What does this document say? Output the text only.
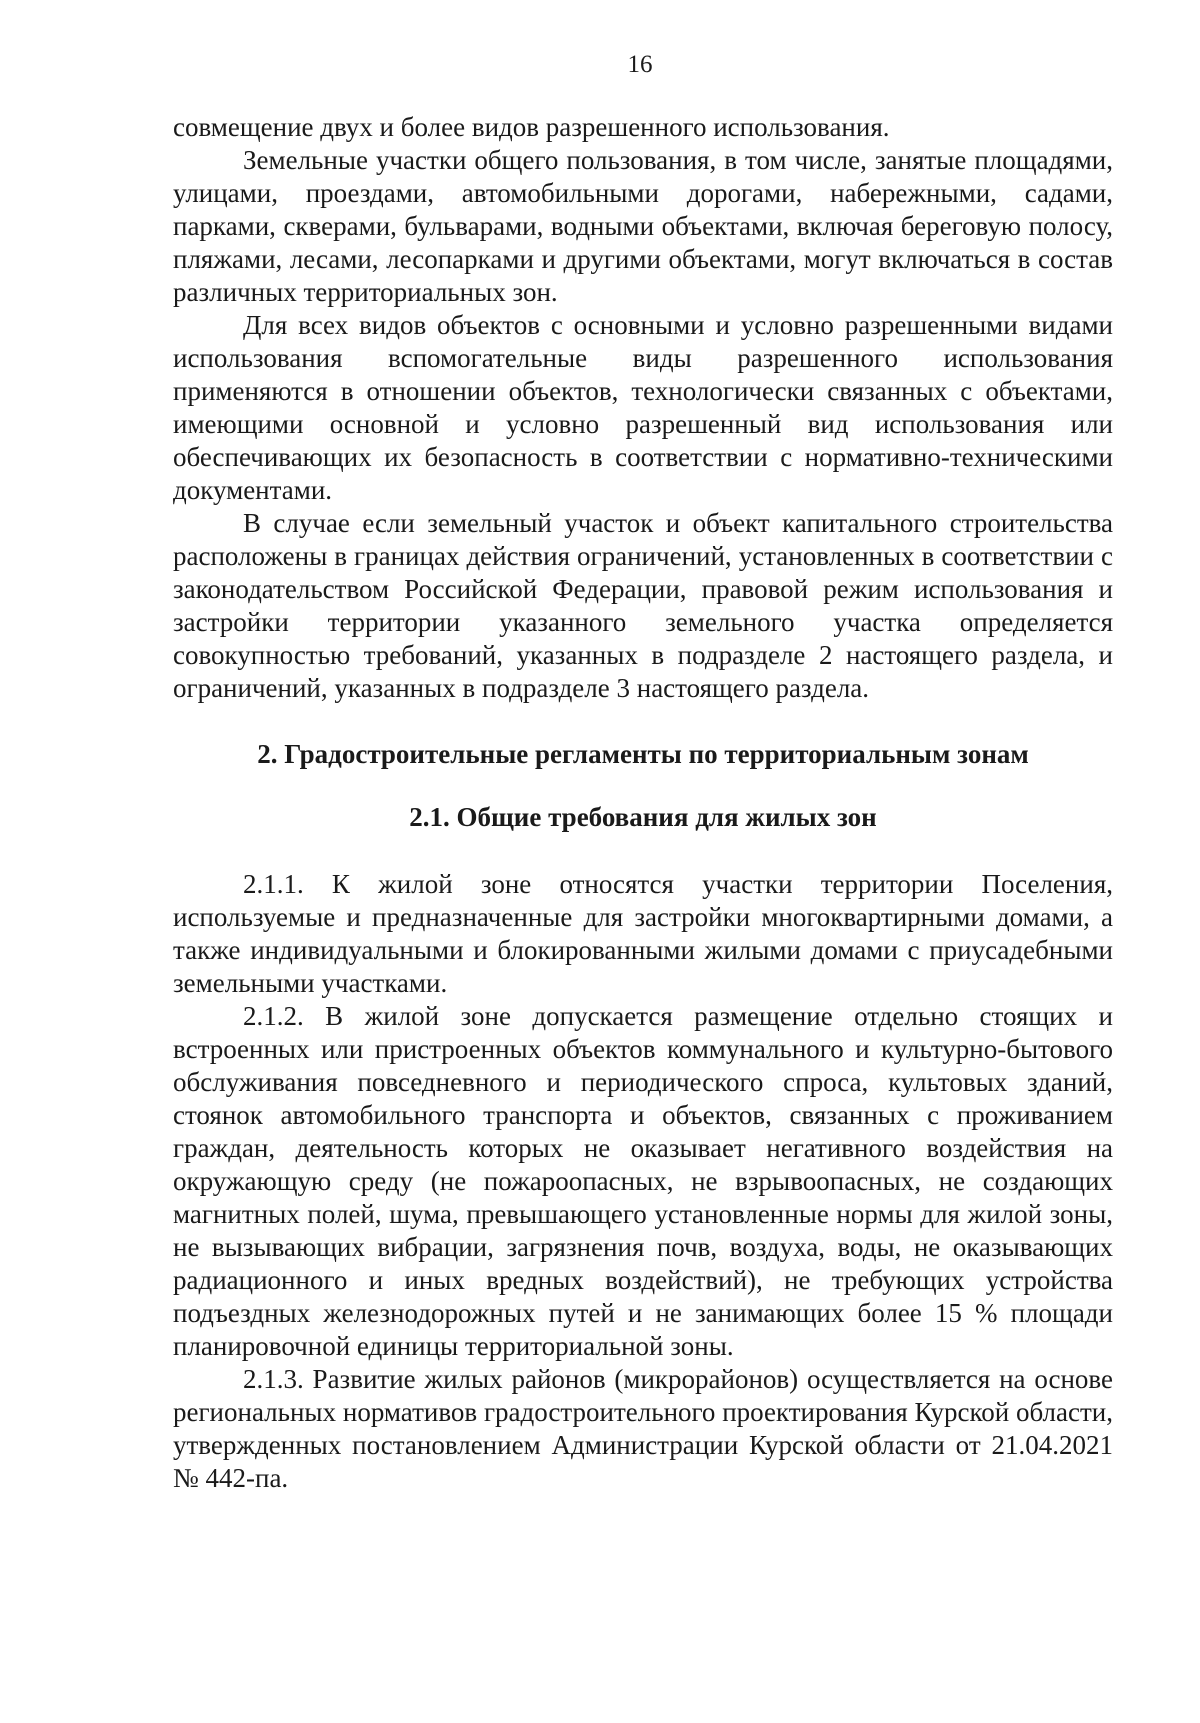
16

совмещение двух и более видов разрешенного использования.

Земельные участки общего пользования, в том числе, занятые площадями, улицами, проездами, автомобильными дорогами, набережными, садами, парками, скверами, бульварами, водными объектами, включая береговую полосу, пляжами, лесами, лесопарками и другими объектами, могут включаться в состав различных территориальных зон.

Для всех видов объектов с основными и условно разрешенными видами использования вспомогательные виды разрешенного использования применяются в отношении объектов, технологически связанных с объектами, имеющими основной и условно разрешенный вид использования или обеспечивающих их безопасность в соответствии с нормативно-техническими документами.

В случае если земельный участок и объект капитального строительства расположены в границах действия ограничений, установленных в соответствии с законодательством Российской Федерации, правовой режим использования и застройки территории указанного земельного участка определяется совокупностью требований, указанных в подразделе 2 настоящего раздела, и ограничений, указанных в подразделе 3 настоящего раздела.

2. Градостроительные регламенты по территориальным зонам
2.1. Общие требования для жилых зон

2.1.1. К жилой зоне относятся участки территории Поселения, используемые и предназначенные для застройки многоквартирными домами, а также индивидуальными и блокированными жилыми домами с приусадебными земельными участками.

2.1.2. В жилой зоне допускается размещение отдельно стоящих и встроенных или пристроенных объектов коммунального и культурно-бытового обслуживания повседневного и периодического спроса, культовых зданий, стоянок автомобильного транспорта и объектов, связанных с проживанием граждан, деятельность которых не оказывает негативного воздействия на окружающую среду (не пожароопасных, не взрывоопасных, не создающих магнитных полей, шума, превышающего установленные нормы для жилой зоны, не вызывающих вибрации, загрязнения почв, воздуха, воды, не оказывающих радиационного и иных вредных воздействий), не требующих устройства подъездных железнодорожных путей и не занимающих более 15 % площади планировочной единицы территориальной зоны.

2.1.3. Развитие жилых районов (микрорайонов) осуществляется на основе региональных нормативов градостроительного проектирования Курской области, утвержденных постановлением Администрации Курской области от 21.04.2021 № 442-па.
